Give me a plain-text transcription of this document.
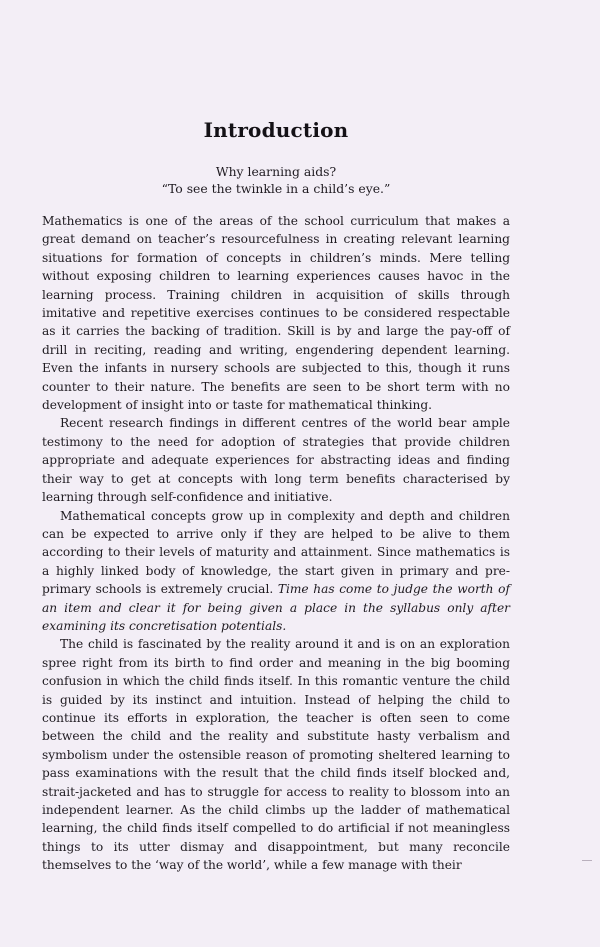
Introduction
Why learning aids?
“To see the twinkle in a child’s eye.”

Mathematics is one of the areas of the school curriculum that makes a great demand on teacher’s resourcefulness in creating relevant learning situations for formation of concepts in children’s minds. Mere telling without exposing children to learning experiences causes havoc in the learning process. Training children in acquisition of skills through imitative and repetitive exercises continues to be considered respectable as it carries the backing of tradition. Skill is by and large the pay-off of drill in reciting, reading and writing, engendering dependent learning. Even the infants in nursery schools are subjected to this, though it runs counter to their nature. The benefits are seen to be short term with no development of insight into or taste for mathematical thinking.

Recent research findings in different centres of the world bear ample testimony to the need for adoption of strategies that provide children appropriate and adequate experiences for abstracting ideas and finding their way to get at concepts with long term benefits characterised by learning through self-confidence and initiative.

Mathematical concepts grow up in complexity and depth and children can be expected to arrive only if they are helped to be alive to them according to their levels of maturity and attainment. Since mathematics is a highly linked body of knowledge, the start given in primary and pre-primary schools is extremely crucial. Time has come to judge the worth of an item and clear it for being given a place in the syllabus only after examining its concretisation potentials.

The child is fascinated by the reality around it and is on an exploration spree right from its birth to find order and meaning in the big booming confusion in which the child finds itself. In this romantic venture the child is guided by its instinct and intuition. Instead of helping the child to continue its efforts in exploration, the teacher is often seen to come between the child and the reality and substitute hasty verbalism and symbolism under the ostensible reason of promoting sheltered learning to pass examinations with the result that the child finds itself blocked and, strait-jacketed and has to struggle for access to reality to blossom into an independent learner. As the child climbs up the ladder of mathematical learning, the child finds itself compelled to do artificial if not meaningless things to its utter dismay and disappointment, but many reconcile themselves to the ‘way of the world’, while a few manage with their
